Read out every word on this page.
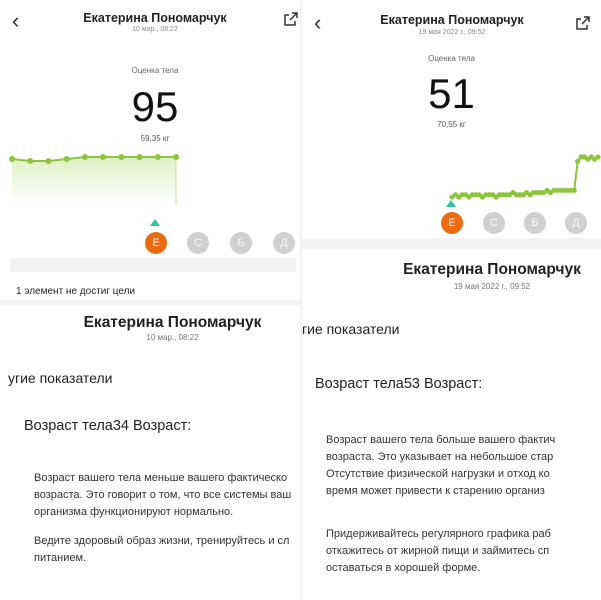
‹	Екатерина Пономарчук
10 мар., 08:22
Оценка тела
95
59,35 кг
Е	С	Б	Д
1 элемент не достиг цели
Екатерина Пономарчук
10 мар., 08:22
угие показатели
Возраст тела34 Возраст:
Возраст вашего тела меньше вашего фактическо
возраста. Это говорит о том, что все системы ваш
организма функционируют нормально.
Ведите здоровый образ жизни, тренируйтесь и сл
питанием.
‹	Екатерина Пономарчук
19 мая 2022 г., 09:52
Оценка тела
51
70,55 кг
Е	С	Б	Д
Екатерина Пономарчук
19 мая 2022 г., 09:52
гие показатели
Возраст тела53 Возраст:
Возраст вашего тела больше вашего фактич
возраста. Это указывает на небольшое стар
Отсутствие физической нагрузки и отход ко
время может привести к старению организ
Придерживайтесь регулярного графика раб
откажитесь от жирной пищи и займитесь сп
оставаться в хорошей форме.
